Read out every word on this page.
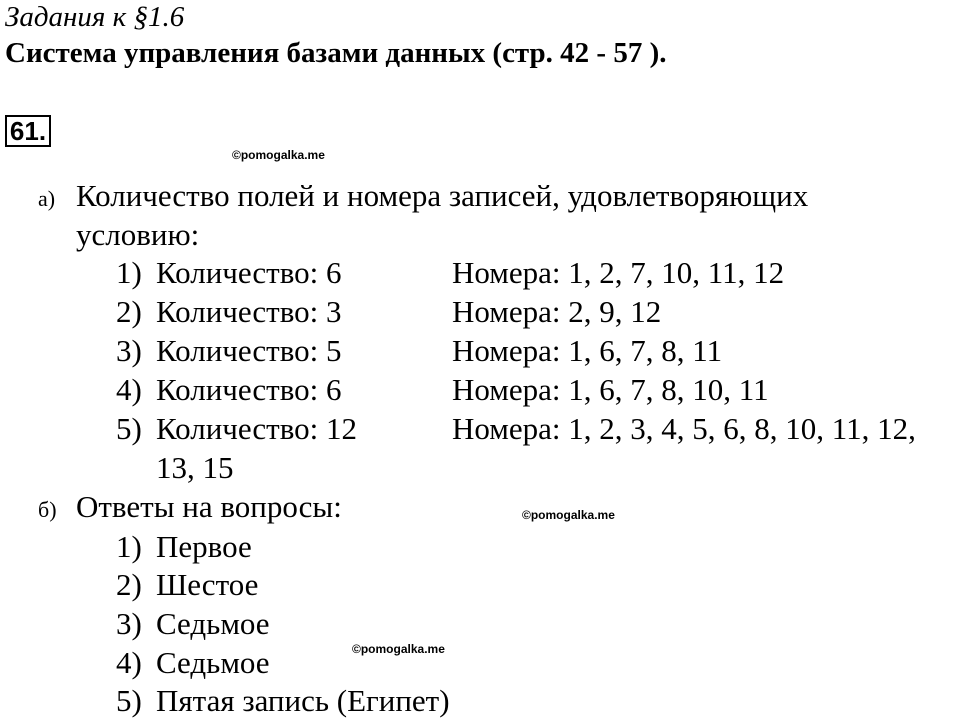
Задания к §1.6
Система управления базами данных (стр. 42 - 57 ).
61.
©pomogalka.me
©pomogalka.me
©pomogalka.me
а) Количество полей и номера записей, удовлетворяющих
условию:
1) Количество: 6	Номера: 1, 2, 7, 10, 11, 12
2) Количество: 3	Номера: 2, 9, 12
3) Количество: 5	Номера: 1, 6, 7, 8, 11
4) Количество: 6	Номера: 1, 6, 7, 8, 10, 11
5) Количество: 12	Номера: 1, 2, 3, 4, 5, 6, 8, 10, 11, 12,
13, 15
б) Ответы на вопросы:
1) Первое
2) Шестое
3) Седьмое
4) Седьмое
5) Пятая запись (Египет)
